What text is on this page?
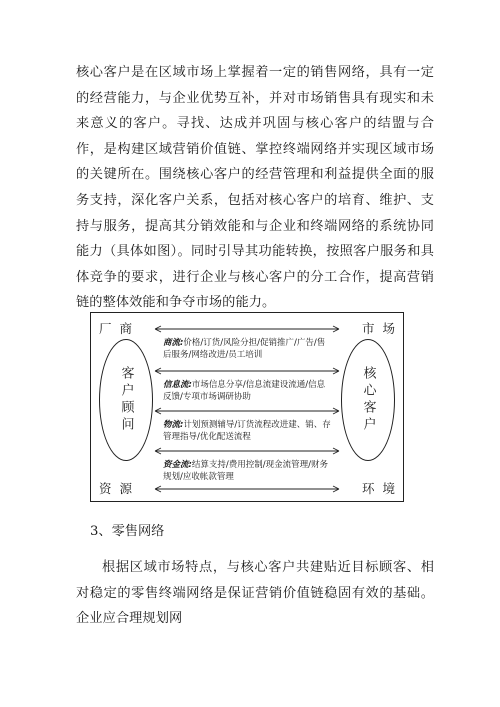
核心客户是在区域市场上掌握着一定的销售网络，具有一定的经营能力，与企业优势互补，并对市场销售具有现实和未来意义的客户。寻找、达成并巩固与核心客户的结盟与合作，是构建区域营销价值链、掌控终端网络并实现区域市场的关键所在。围绕核心客户的经营管理和利益提供全面的服务支持，深化客户关系，包括对核心客户的培育、维护、支持与服务，提高其分销效能和与企业和终端网络的系统协同能力（具体如图）。同时引导其功能转换，按照客户服务和具体竞争的要求，进行企业与核心客户的分工合作，提高营销链的整体效能和争夺市场的能力。

厂商	市场
资源	环境
客户顾问	核心客户
商流:价格/订货/风险分担/促销推广/广告/售后服务/网络改进/员工培训
信息流:市场信息分享/信息流建设流通/信息反馈/专项市场调研协助
物流:计划预测辅导/订货流程改进建、销、存管理指导/优化配送流程
资金流:结算支持/费用控制/现金流管理/财务规划/应收帐款管理
3、零售网络

根据区域市场特点，与核心客户共建贴近目标顾客、相对稳定的零售终端网络是保证营销价值链稳固有效的基础。企业应合理规划网
